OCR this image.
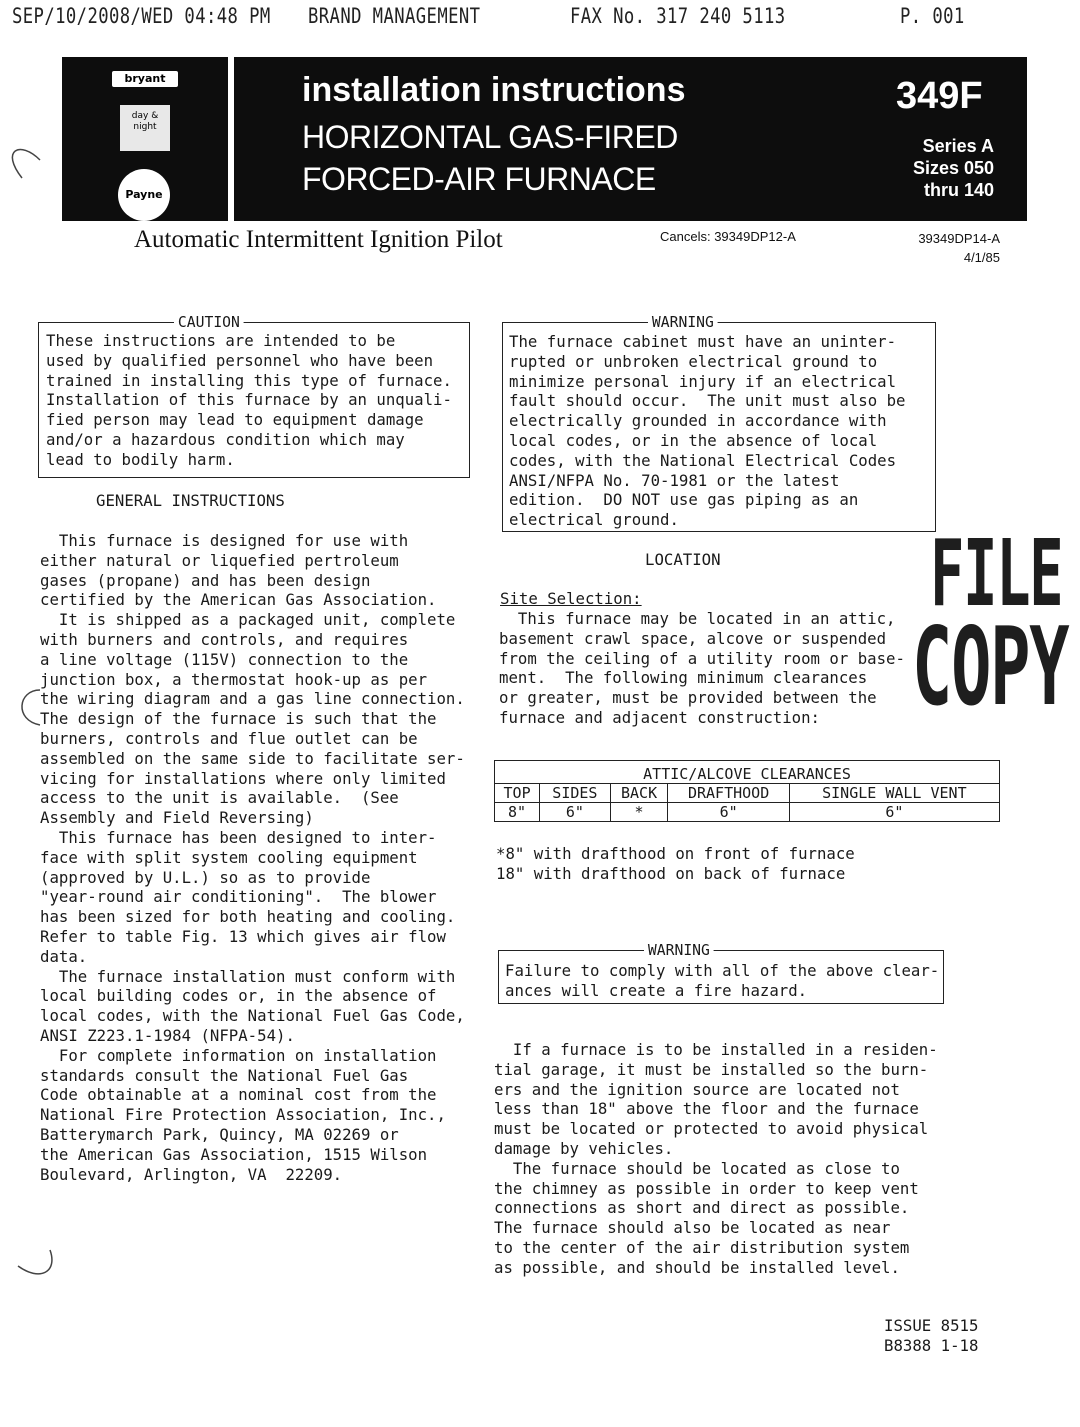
SEP/10/2008/WED 04:48 PM BRAND MANAGEMENT	FAX No. 317 240 5113	P. 001
bryant
day & night
Payne
installation instructions
HORIZONTAL GAS-FIRED
FORCED-AIR FURNACE
349F
Series A
Sizes 050
thru 140
Automatic Intermittent Ignition Pilot	Cancels: 39349DP12-A	39349DP14-A
4/1/85
CAUTION
These instructions are intended to be
used by qualified personnel who have been
trained in installing this type of furnace.
Installation of this furnace by an unquali-
fied person may lead to equipment damage
and/or a hazardous condition which may
lead to bodily harm.
GENERAL INSTRUCTIONS
This furnace is designed for use with
either natural or liquefied pertroleum
gases (propane) and has been design
certified by the American Gas Association.
It is shipped as a packaged unit, complete
with burners and controls, and requires
a line voltage (115V) connection to the
junction box, a thermostat hook-up as per
the wiring diagram and a gas line connection.
The design of the furnace is such that the
burners, controls and flue outlet can be
assembled on the same side to facilitate ser-
vicing for installations where only limited
access to the unit is available.  (See
Assembly and Field Reversing)
This furnace has been designed to inter-
face with split system cooling equipment
(approved by U.L.) so as to provide
"year-round air conditioning".  The blower
has been sized for both heating and cooling.
Refer to table Fig. 13 which gives air flow
data.
The furnace installation must conform with
local building codes or, in the absence of
local codes, with the National Fuel Gas Code,
ANSI Z223.1-1984 (NFPA-54).
For complete information on installation
standards consult the National Fuel Gas
Code obtainable at a nominal cost from the
National Fire Protection Association, Inc.,
Batterymarch Park, Quincy, MA 02269 or
the American Gas Association, 1515 Wilson
Boulevard, Arlington, VA  22209.
WARNING
The furnace cabinet must have an uninter-
rupted or unbroken electrical ground to
minimize personal injury if an electrical
fault should occur.  The unit must also be
electrically grounded in accordance with
local codes, or in the absence of local
codes, with the National Electrical Codes
ANSI/NFPA No. 70-1981 or the latest
edition.  DO NOT use gas piping as an
electrical ground.
LOCATION
Site Selection:
This furnace may be located in an attic,
basement crawl space, alcove or suspended
from the ceiling of a utility room or base-
ment.  The following minimum clearances
or greater, must be provided between the
furnace and adjacent construction:
ATTIC/ALCOVE CLEARANCES				
TOP	SIDES	BACK	DRAFTHOOD	SINGLE WALL VENT
8"	6"	*	6"	6"
*8" with drafthood on front of furnace
18" with drafthood on back of furnace
WARNING
Failure to comply with all of the above clear-
ances will create a fire hazard.
If a furnace is to be installed in a residen-
tial garage, it must be installed so the burn-
ers and the ignition source are located not
less than 18" above the floor and the furnace
must be located or protected to avoid physical
damage by vehicles.
The furnace should be located as close to
the chimney as possible in order to keep vent
connections as short and direct as possible.
The furnace should also be located as near
to the center of the air distribution system
as possible, and should be installed level.
FILE
COPY
ISSUE 8515
B8388 1-18
